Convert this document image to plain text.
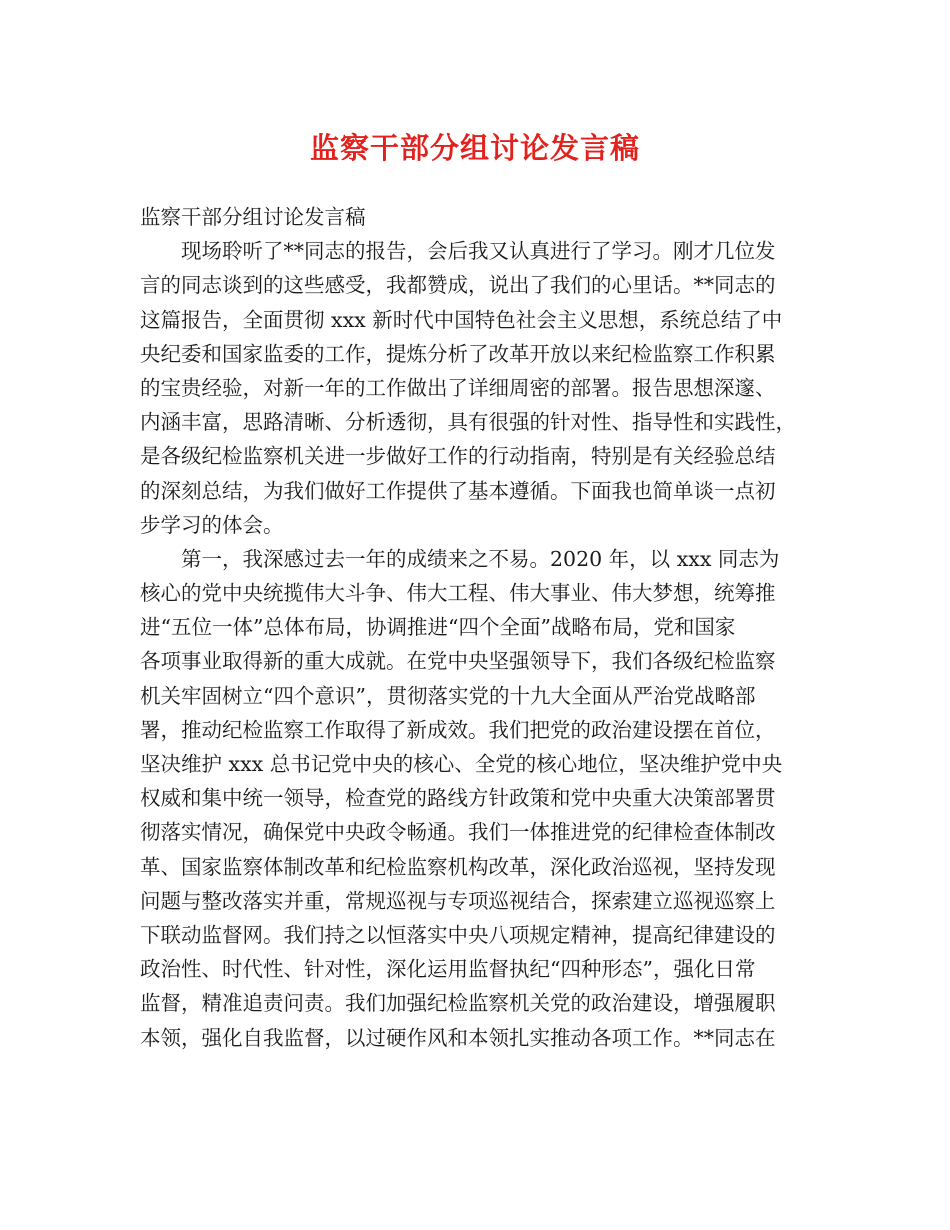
监察干部分组讨论发言稿

监察干部分组讨论发言稿

　　现场聆听了**同志的报告，会后我又认真进行了学习。刚才几位发
言的同志谈到的这些感受，我都赞成，说出了我们的心里话。**同志的
这篇报告，全面贯彻 xxx 新时代中国特色社会主义思想，系统总结了中
央纪委和国家监委的工作，提炼分析了改革开放以来纪检监察工作积累
的宝贵经验，对新一年的工作做出了详细周密的部署。报告思想深邃、
内涵丰富，思路清晰、分析透彻，具有很强的针对性、指导性和实践性，
是各级纪检监察机关进一步做好工作的行动指南，特别是有关经验总结
的深刻总结，为我们做好工作提供了基本遵循。下面我也简单谈一点初
步学习的体会。

　　第一，我深感过去一年的成绩来之不易。2020 年，以 xxx 同志为
核心的党中央统揽伟大斗争、伟大工程、伟大事业、伟大梦想，统筹推
进“五位一体”总体布局，协调推进“四个全面”战略布局，党和国家
各项事业取得新的重大成就。在党中央坚强领导下，我们各级纪检监察
机关牢固树立“四个意识”，贯彻落实党的十九大全面从严治党战略部
署，推动纪检监察工作取得了新成效。我们把党的政治建设摆在首位，
坚决维护 xxx 总书记党中央的核心、全党的核心地位，坚决维护党中央
权威和集中统一领导，检查党的路线方针政策和党中央重大决策部署贯
彻落实情况，确保党中央政令畅通。我们一体推进党的纪律检查体制改
革、国家监察体制改革和纪检监察机构改革，深化政治巡视，坚持发现
问题与整改落实并重，常规巡视与专项巡视结合，探索建立巡视巡察上
下联动监督网。我们持之以恒落实中央八项规定精神，提高纪律建设的
政治性、时代性、针对性，深化运用监督执纪“四种形态”，强化日常
监督，精准追责问责。我们加强纪检监察机关党的政治建设，增强履职
本领，强化自我监督，以过硬作风和本领扎实推动各项工作。**同志在
